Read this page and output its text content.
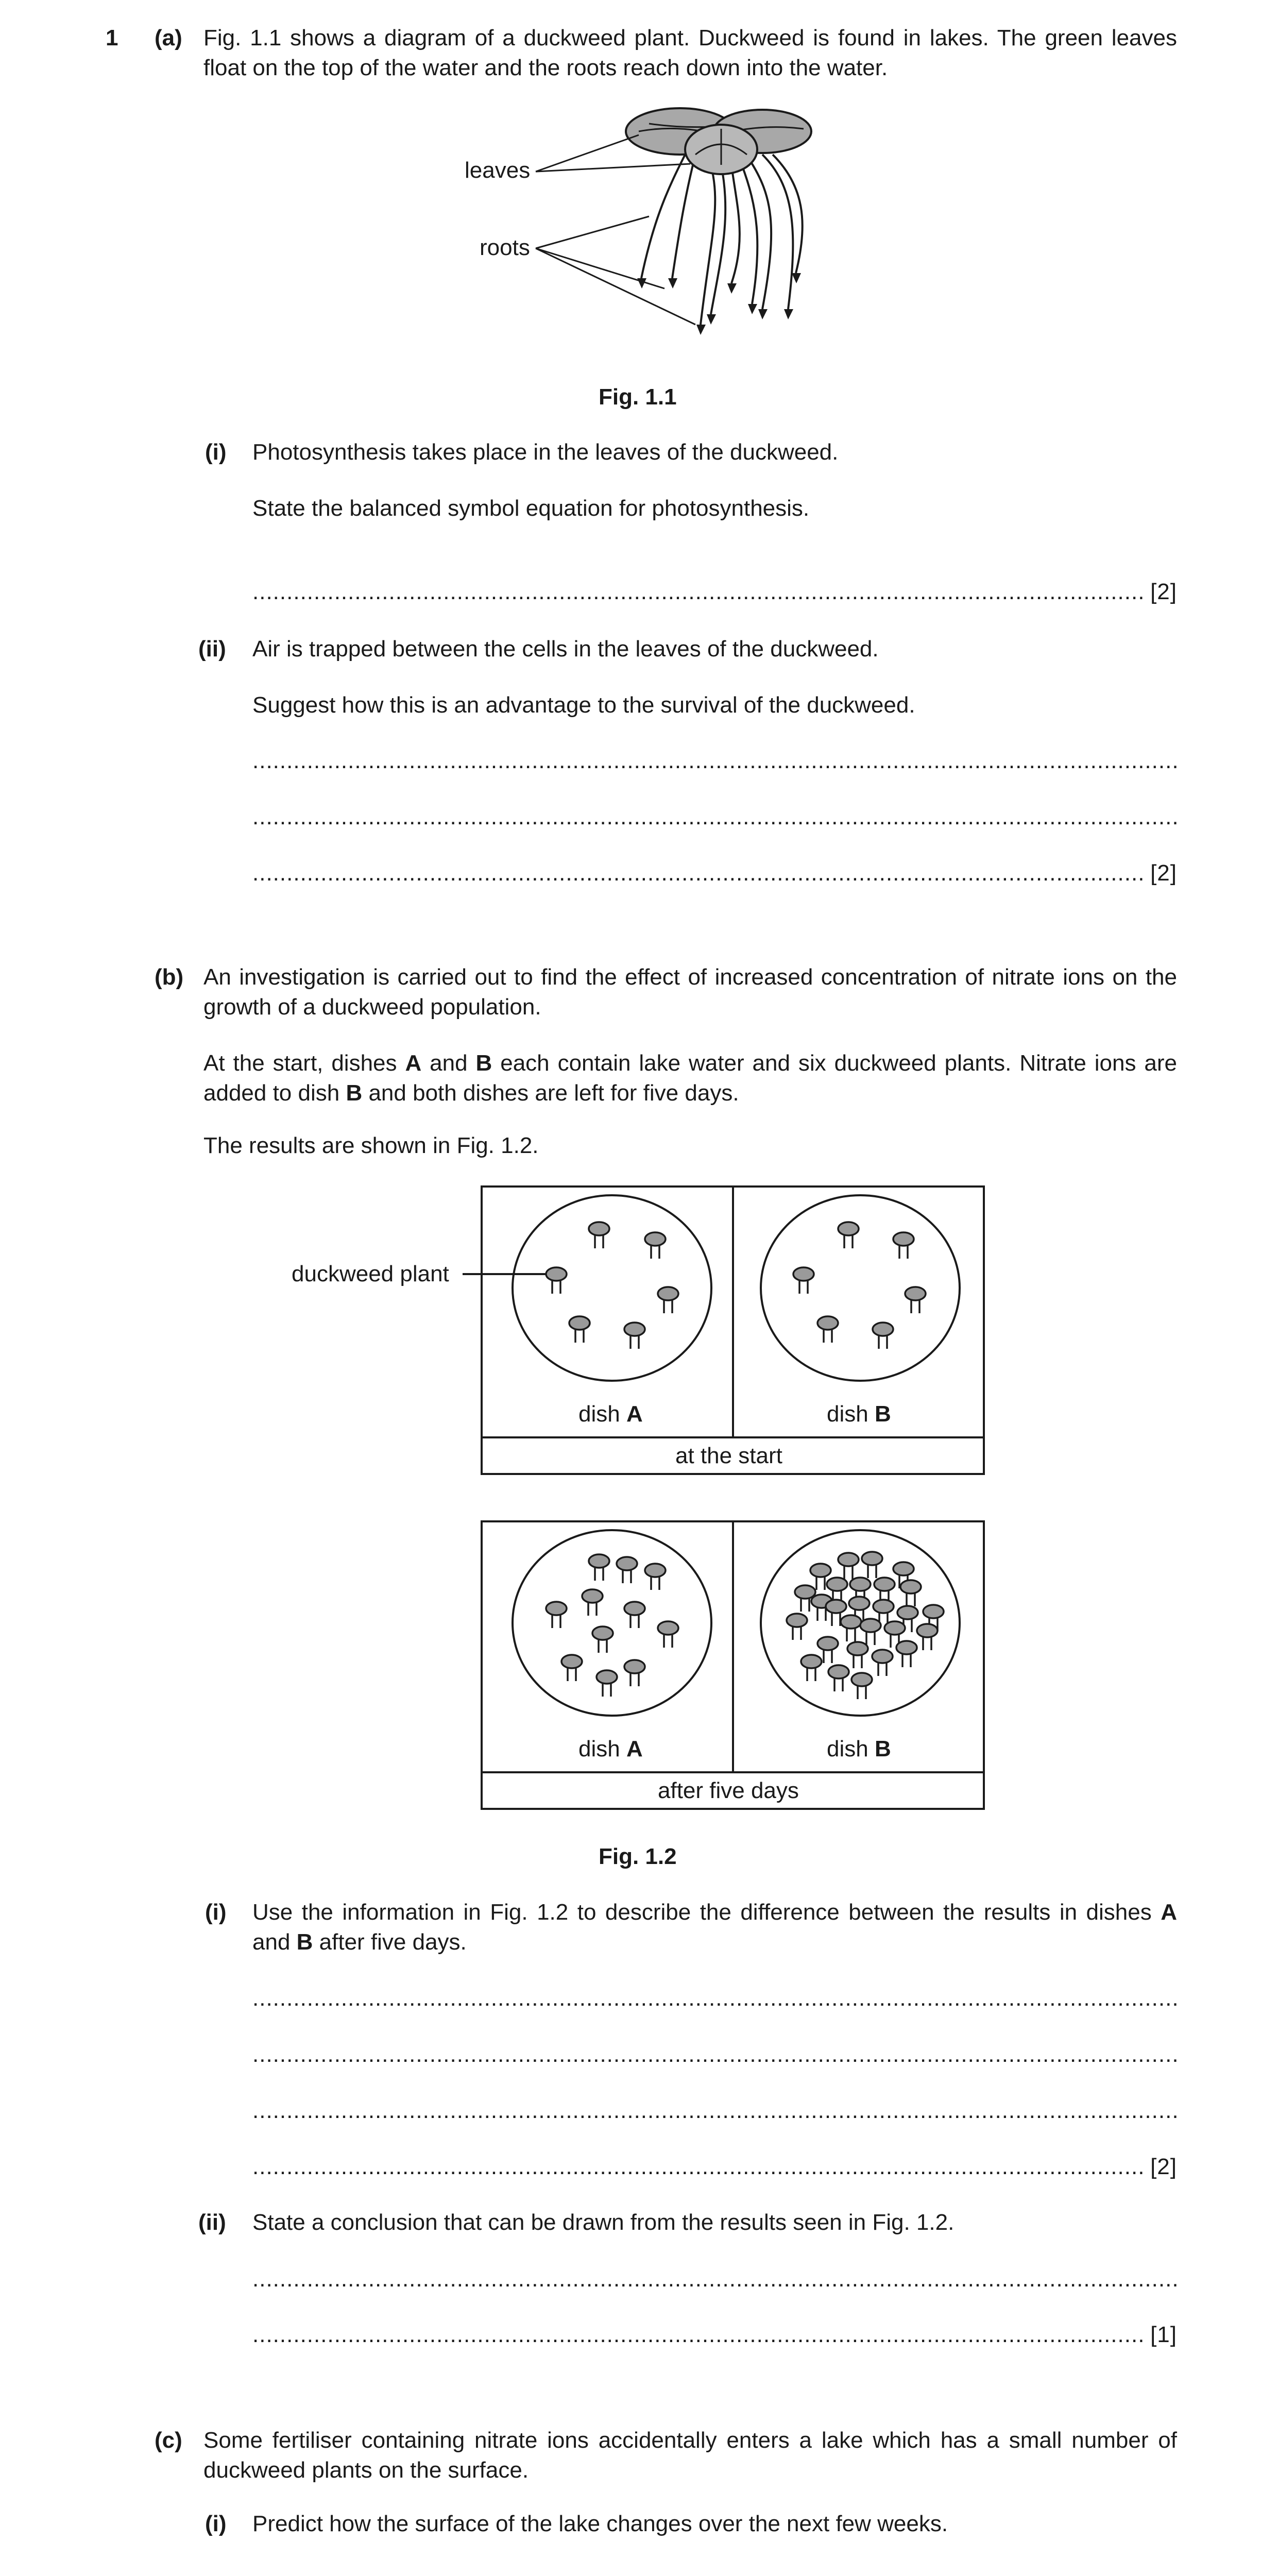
1 (a) Fig. 1.1 shows a diagram of a duckweed plant. Duckweed is found in lakes. The green leaves float on the top of the water and the roots reach down into the water.
leaves
roots
Fig. 1.1
(i) Photosynthesis takes place in the leaves of the duckweed.
State the balanced symbol equation for photosynthesis.
.....
[2]
(ii) Air is trapped between the cells in the leaves of the duckweed.
Suggest how this is an advantage to the survival of the duckweed.
.....
.....
.....
[2]
(b) An investigation is carried out to find the effect of increased concentration of nitrate ions on the growth of a duckweed population.
At the start, dishes A and B each contain lake water and six duckweed plants. Nitrate ions are added to dish B and both dishes are left for five days.
The results are shown in Fig. 1.2.
duckweed plant
dish A	dish B
at the start
dish A	dish B
after five days
Fig. 1.2
(i) Use the information in Fig. 1.2 to describe the difference between the results in dishes A
and B after five days.
.....
.....
.....
.....
[2]
(ii) State a conclusion that can be drawn from the results seen in Fig. 1.2.
.....
.....
[1]
(c) Some fertiliser containing nitrate ions accidentally enters a lake which has a small number of duckweed plants on the surface.
(i) Predict how the surface of the lake changes over the next few weeks.
.....
